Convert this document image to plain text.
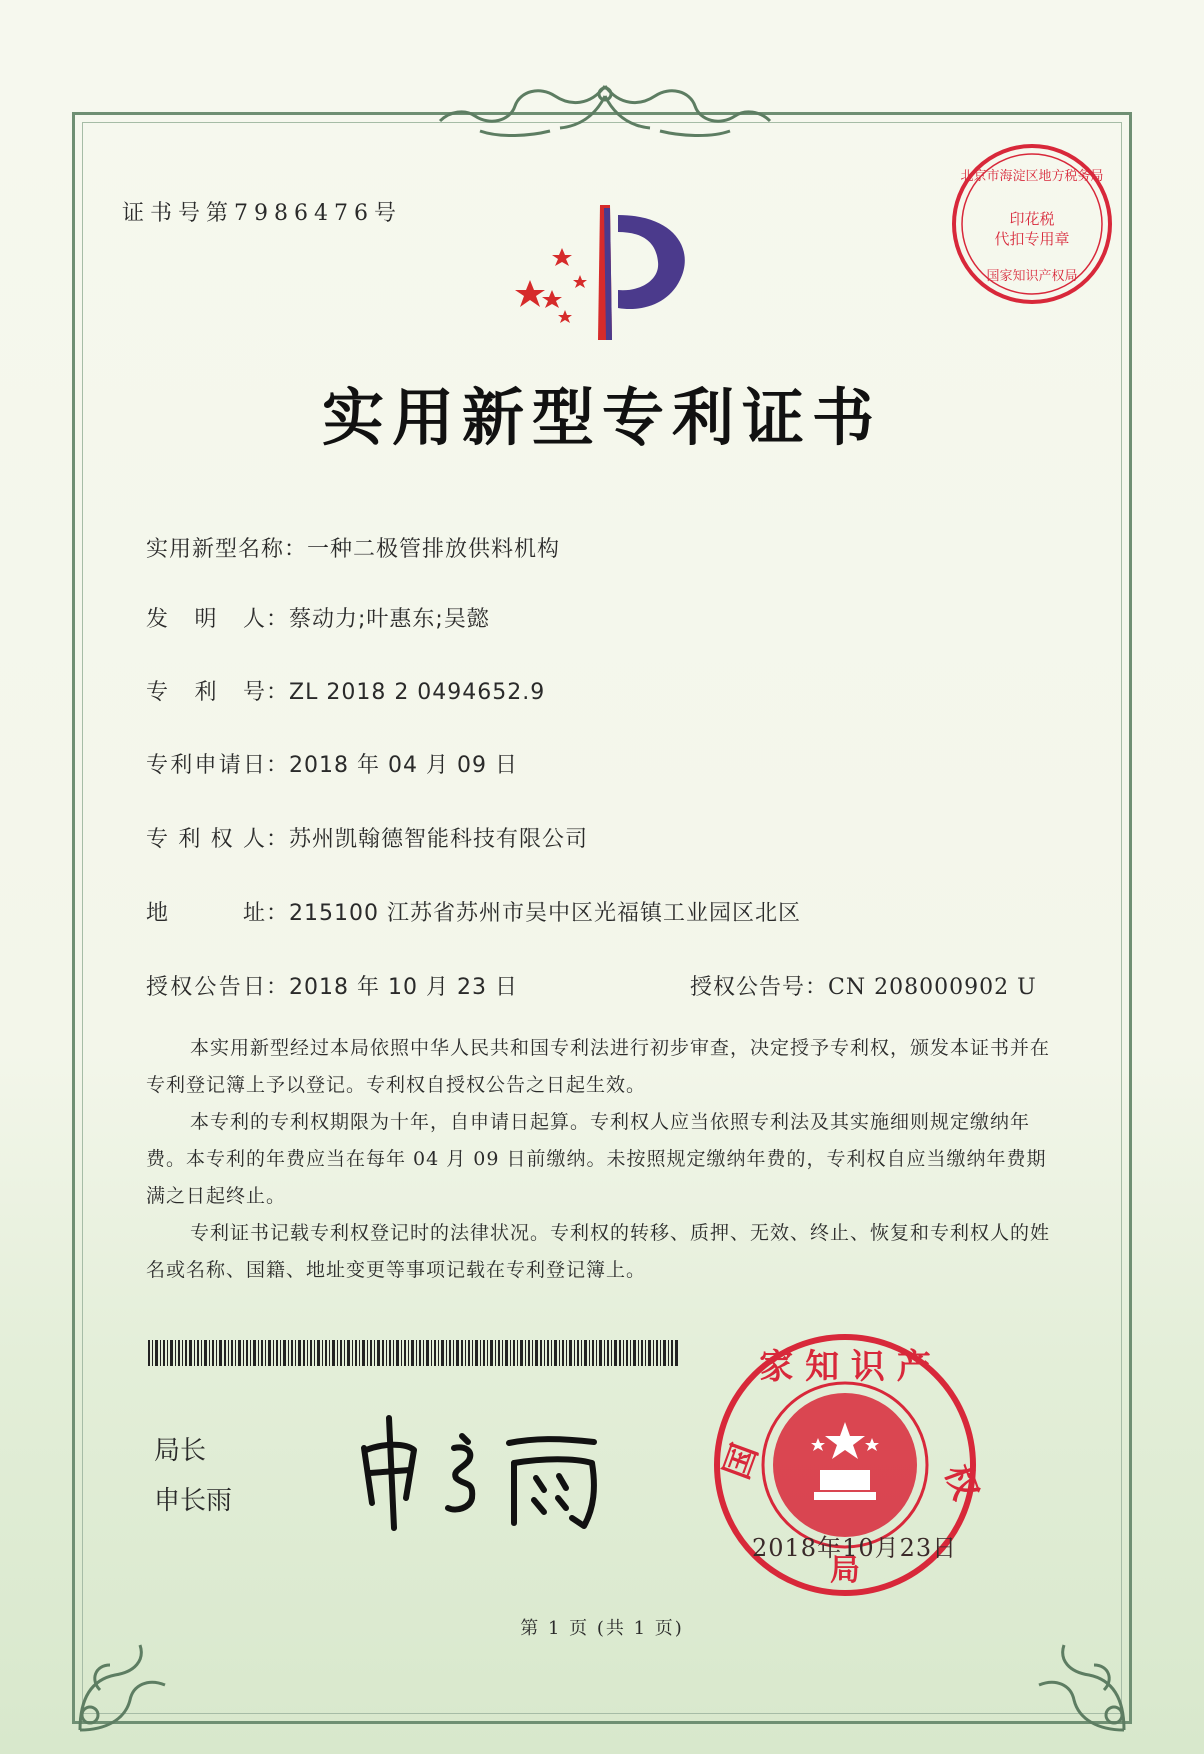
证书号第7986476号
北京市海淀区地方税务局
印花税
代扣专用章
国家知识产权局
实用新型专利证书
实用新型名称：一种二极管排放供料机构
发明人：蔡动力;叶惠东;吴懿
专利号：ZL 2018 2 0494652.9
专利申请日：2018 年 04 月 09 日
专利权人：苏州凯翰德智能科技有限公司
地址：215100 江苏省苏州市吴中区光福镇工业园区北区
授权公告日：2018 年 10 月 23 日	授权公告号：CN 208000902 U

本实用新型经过本局依照中华人民共和国专利法进行初步审查，决定授予专利权，颁发本证书并在专利登记簿上予以登记。专利权自授权公告之日起生效。

本专利的专利权期限为十年，自申请日起算。专利权人应当依照专利法及其实施细则规定缴纳年费。本专利的年费应当在每年 04 月 09 日前缴纳。未按照规定缴纳年费的，专利权自应当缴纳年费期满之日起终止。

专利证书记载专利权登记时的法律状况。专利权的转移、质押、无效、终止、恢复和专利权人的姓名或名称、国籍、地址变更等事项记载在专利登记簿上。

局长
申长雨
家 知 识 产
国	权
局
2018年10月23日
第 1 页 (共 1 页)
